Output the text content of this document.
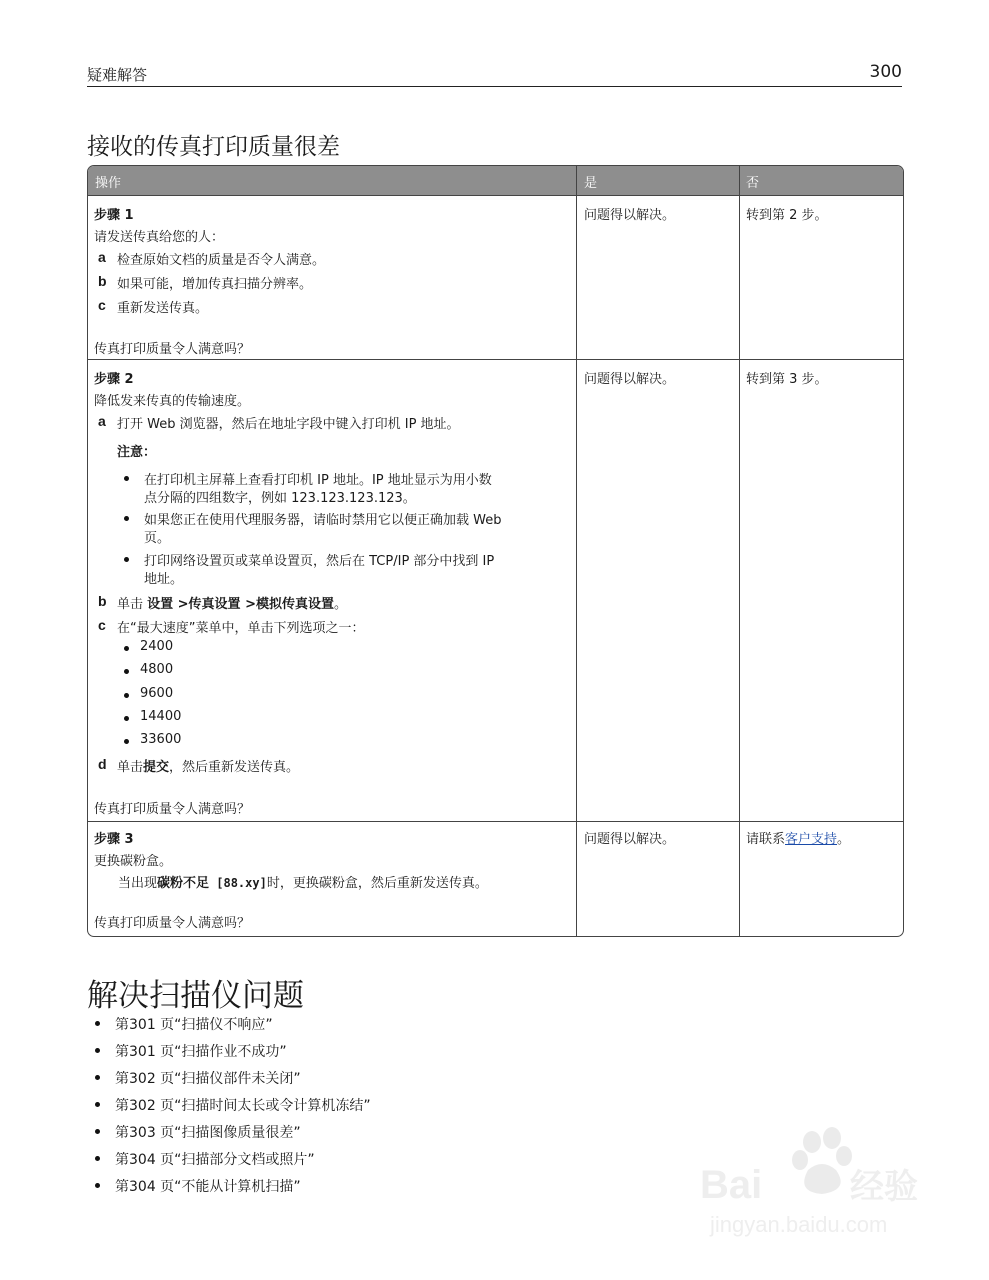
疑难解答	300
接收的传真打印质量很差
操作	是	否
步骤 1
请发送传真给您的人：
a 检查原始文档的质量是否令人满意。
b 如果可能，增加传真扫描分辨率。
c 重新发送传真。
传真打印质量令人满意吗？
问题得以解决。	转到第 2 步。
步骤 2
降低发来传真的传输速度。
a 打开 Web 浏览器，然后在地址字段中键入打印机 IP 地址。
注意：
在打印机主屏幕上查看打印机 IP 地址。IP 地址显示为用小数
点分隔的四组数字，例如 123.123.123.123。
如果您正在使用代理服务器，请临时禁用它以便正确加载 Web
页。
打印网络设置页或菜单设置页，然后在 TCP/IP 部分中找到 IP
地址。
b 单击 设置 >传真设置 >模拟传真设置。
c 在“最大速度”菜单中，单击下列选项之一：
2400
4800
9600
14400
33600
d 单击提交，然后重新发送传真。
传真打印质量令人满意吗？
问题得以解决。	转到第 3 步。
步骤 3
更换碳粉盒。
当出现碳粉不足 [88.xy]时，更换碳粉盒，然后重新发送传真。
传真打印质量令人满意吗？
问题得以解决。	请联系客户支持。
解决扫描仪问题
第301 页“扫描仪不响应”
第301 页“扫描作业不成功”
第302 页“扫描仪部件未关闭”
第302 页“扫描时间太长或令计算机冻结”
第303 页“扫描图像质量很差”
第304 页“扫描部分文档或照片”
第304 页“不能从计算机扫描”	Bai	经验
jingyan.baidu.com
